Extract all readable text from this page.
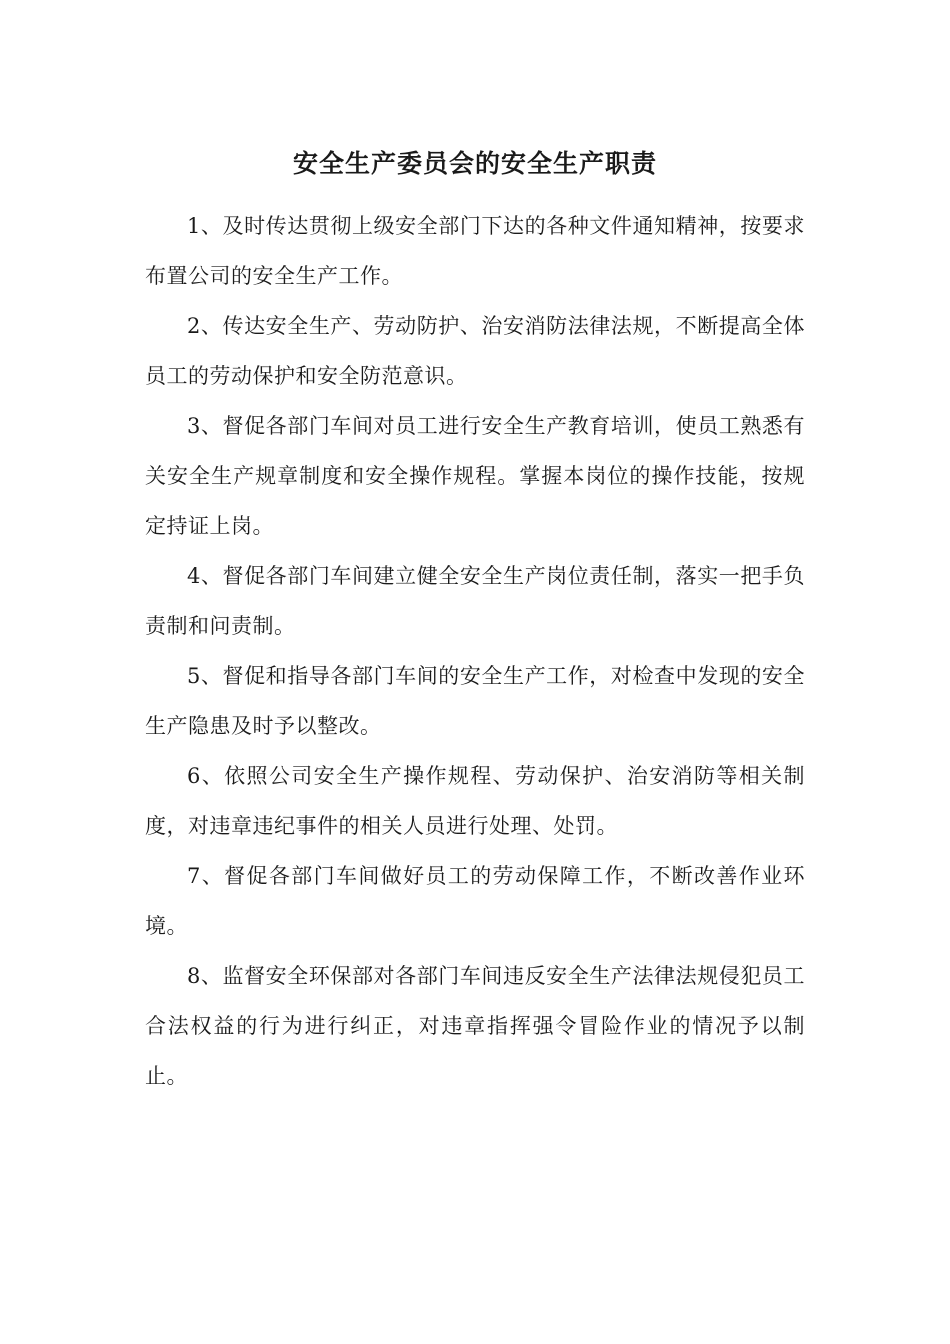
安全生产委员会的安全生产职责

1、及时传达贯彻上级安全部门下达的各种文件通知精神，按要求布置公司的安全生产工作。

2、传达安全生产、劳动防护、治安消防法律法规，不断提高全体员工的劳动保护和安全防范意识。

3、督促各部门车间对员工进行安全生产教育培训，使员工熟悉有关安全生产规章制度和安全操作规程。掌握本岗位的操作技能，按规定持证上岗。

4、督促各部门车间建立健全安全生产岗位责任制，落实一把手负责制和问责制。

5、督促和指导各部门车间的安全生产工作，对检查中发现的安全生产隐患及时予以整改。

6、依照公司安全生产操作规程、劳动保护、治安消防等相关制度，对违章违纪事件的相关人员进行处理、处罚。

7、督促各部门车间做好员工的劳动保障工作，不断改善作业环境。

8、监督安全环保部对各部门车间违反安全生产法律法规侵犯员工合法权益的行为进行纠正，对违章指挥强令冒险作业的情况予以制止。
